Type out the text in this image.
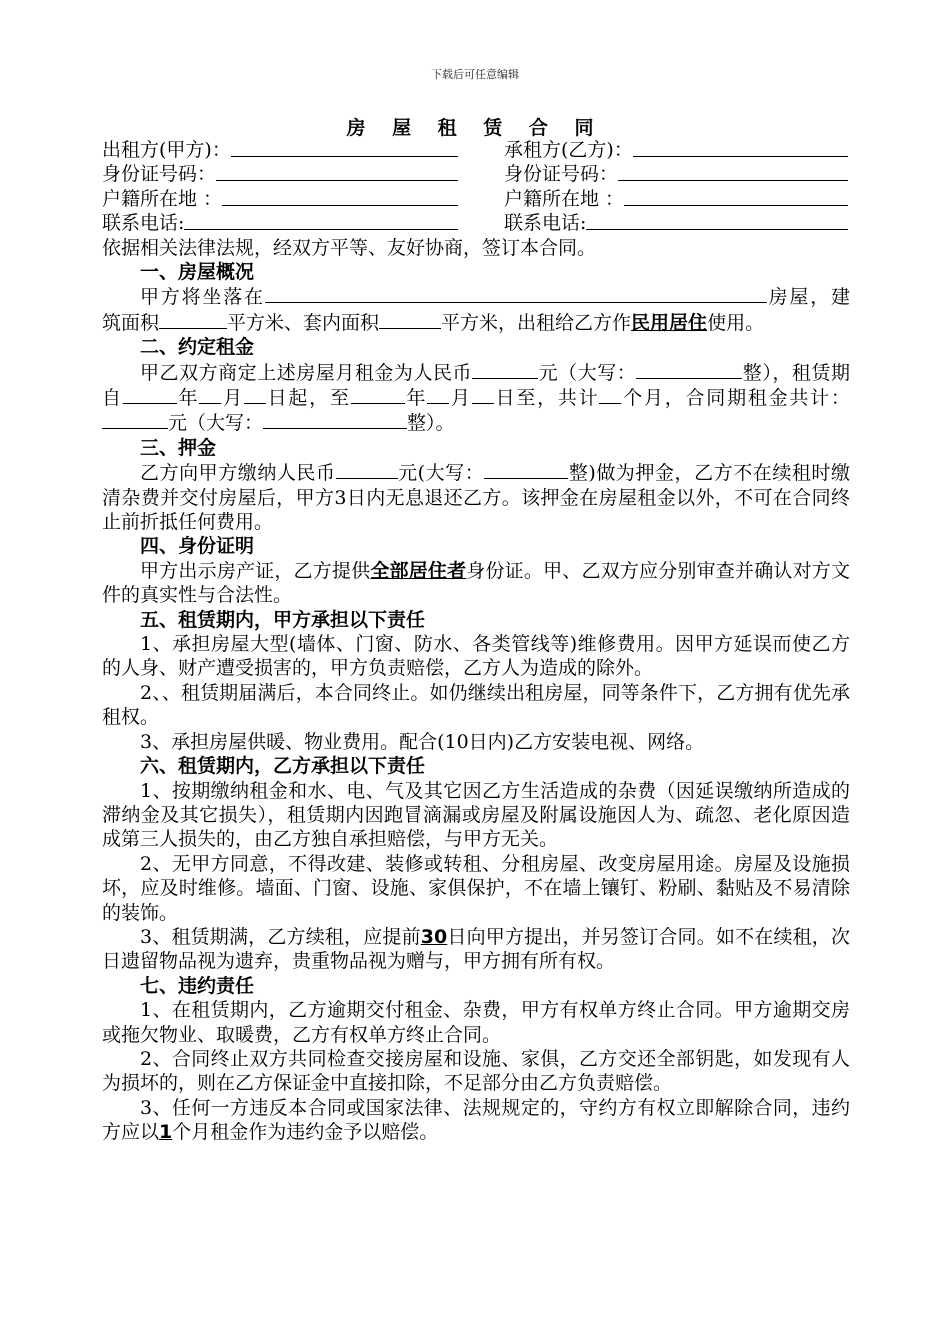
下载后可任意编辑
房 屋 租 赁 合 同
出租方(甲方)：	承租方(乙方)：
身份证号码：	身份证号码：
户籍所在地 ：	户籍所在地 ：
联系电话:	联系电话:

依据相关法律法规，经双方平等、友好协商，签订本合同。

一、房屋概况

甲方将坐落在	房屋，建筑面积	平方米、套内面积	平方米，出租给乙方作民用居住使用。

二、约定租金

甲乙双方商定上述房屋月租金为人民币	元（大写：	整），租赁期自	年 月 日起，至	年 月 日至，共计 个月，合同期租金共计：元（大写：	整）。

三、押金

乙方向甲方缴纳人民币	元(大写：	整)做为押金，乙方不在续租时缴清杂费并交付房屋后，甲方3日内无息退还乙方。该押金在房屋租金以外，不可在合同终止前折抵任何费用。

四、身份证明

甲方出示房产证，乙方提供全部居住者身份证。甲、乙双方应分别审查并确认对方文件的真实性与合法性。

五、租赁期内，甲方承担以下责任

1、承担房屋大型(墙体、门窗、防水、各类管线等)维修费用。因甲方延误而使乙方的人身、财产遭受损害的，甲方负责赔偿，乙方人为造成的除外。

2、、租赁期届满后，本合同终止。如仍继续出租房屋，同等条件下，乙方拥有优先承租权。

3、承担房屋供暖、物业费用。配合(10日内)乙方安装电视、网络。

六、租赁期内，乙方承担以下责任

1、按期缴纳租金和水、电、气及其它因乙方生活造成的杂费（因延误缴纳所造成的滞纳金及其它损失），租赁期内因跑冒滴漏或房屋及附属设施因人为、疏忽、老化原因造成第三人损失的，由乙方独自承担赔偿，与甲方无关。

2、无甲方同意，不得改建、装修或转租、分租房屋、改变房屋用途。房屋及设施损坏，应及时维修。墙面、门窗、设施、家俱保护，不在墙上镶钉、粉刷、黏贴及不易清除的装饰。

3、租赁期满，乙方续租，应提前30日向甲方提出，并另签订合同。如不在续租，次日遗留物品视为遗弃，贵重物品视为赠与，甲方拥有所有权。

七、违约责任

1、在租赁期内，乙方逾期交付租金、杂费，甲方有权单方终止合同。甲方逾期交房或拖欠物业、取暖费，乙方有权单方终止合同。

2、合同终止双方共同检查交接房屋和设施、家俱，乙方交还全部钥匙，如发现有人为损坏的，则在乙方保证金中直接扣除，不足部分由乙方负责赔偿。

3、任何一方违反本合同或国家法律、法规规定的，守约方有权立即解除合同，违约方应以1个月租金作为违约金予以赔偿。
